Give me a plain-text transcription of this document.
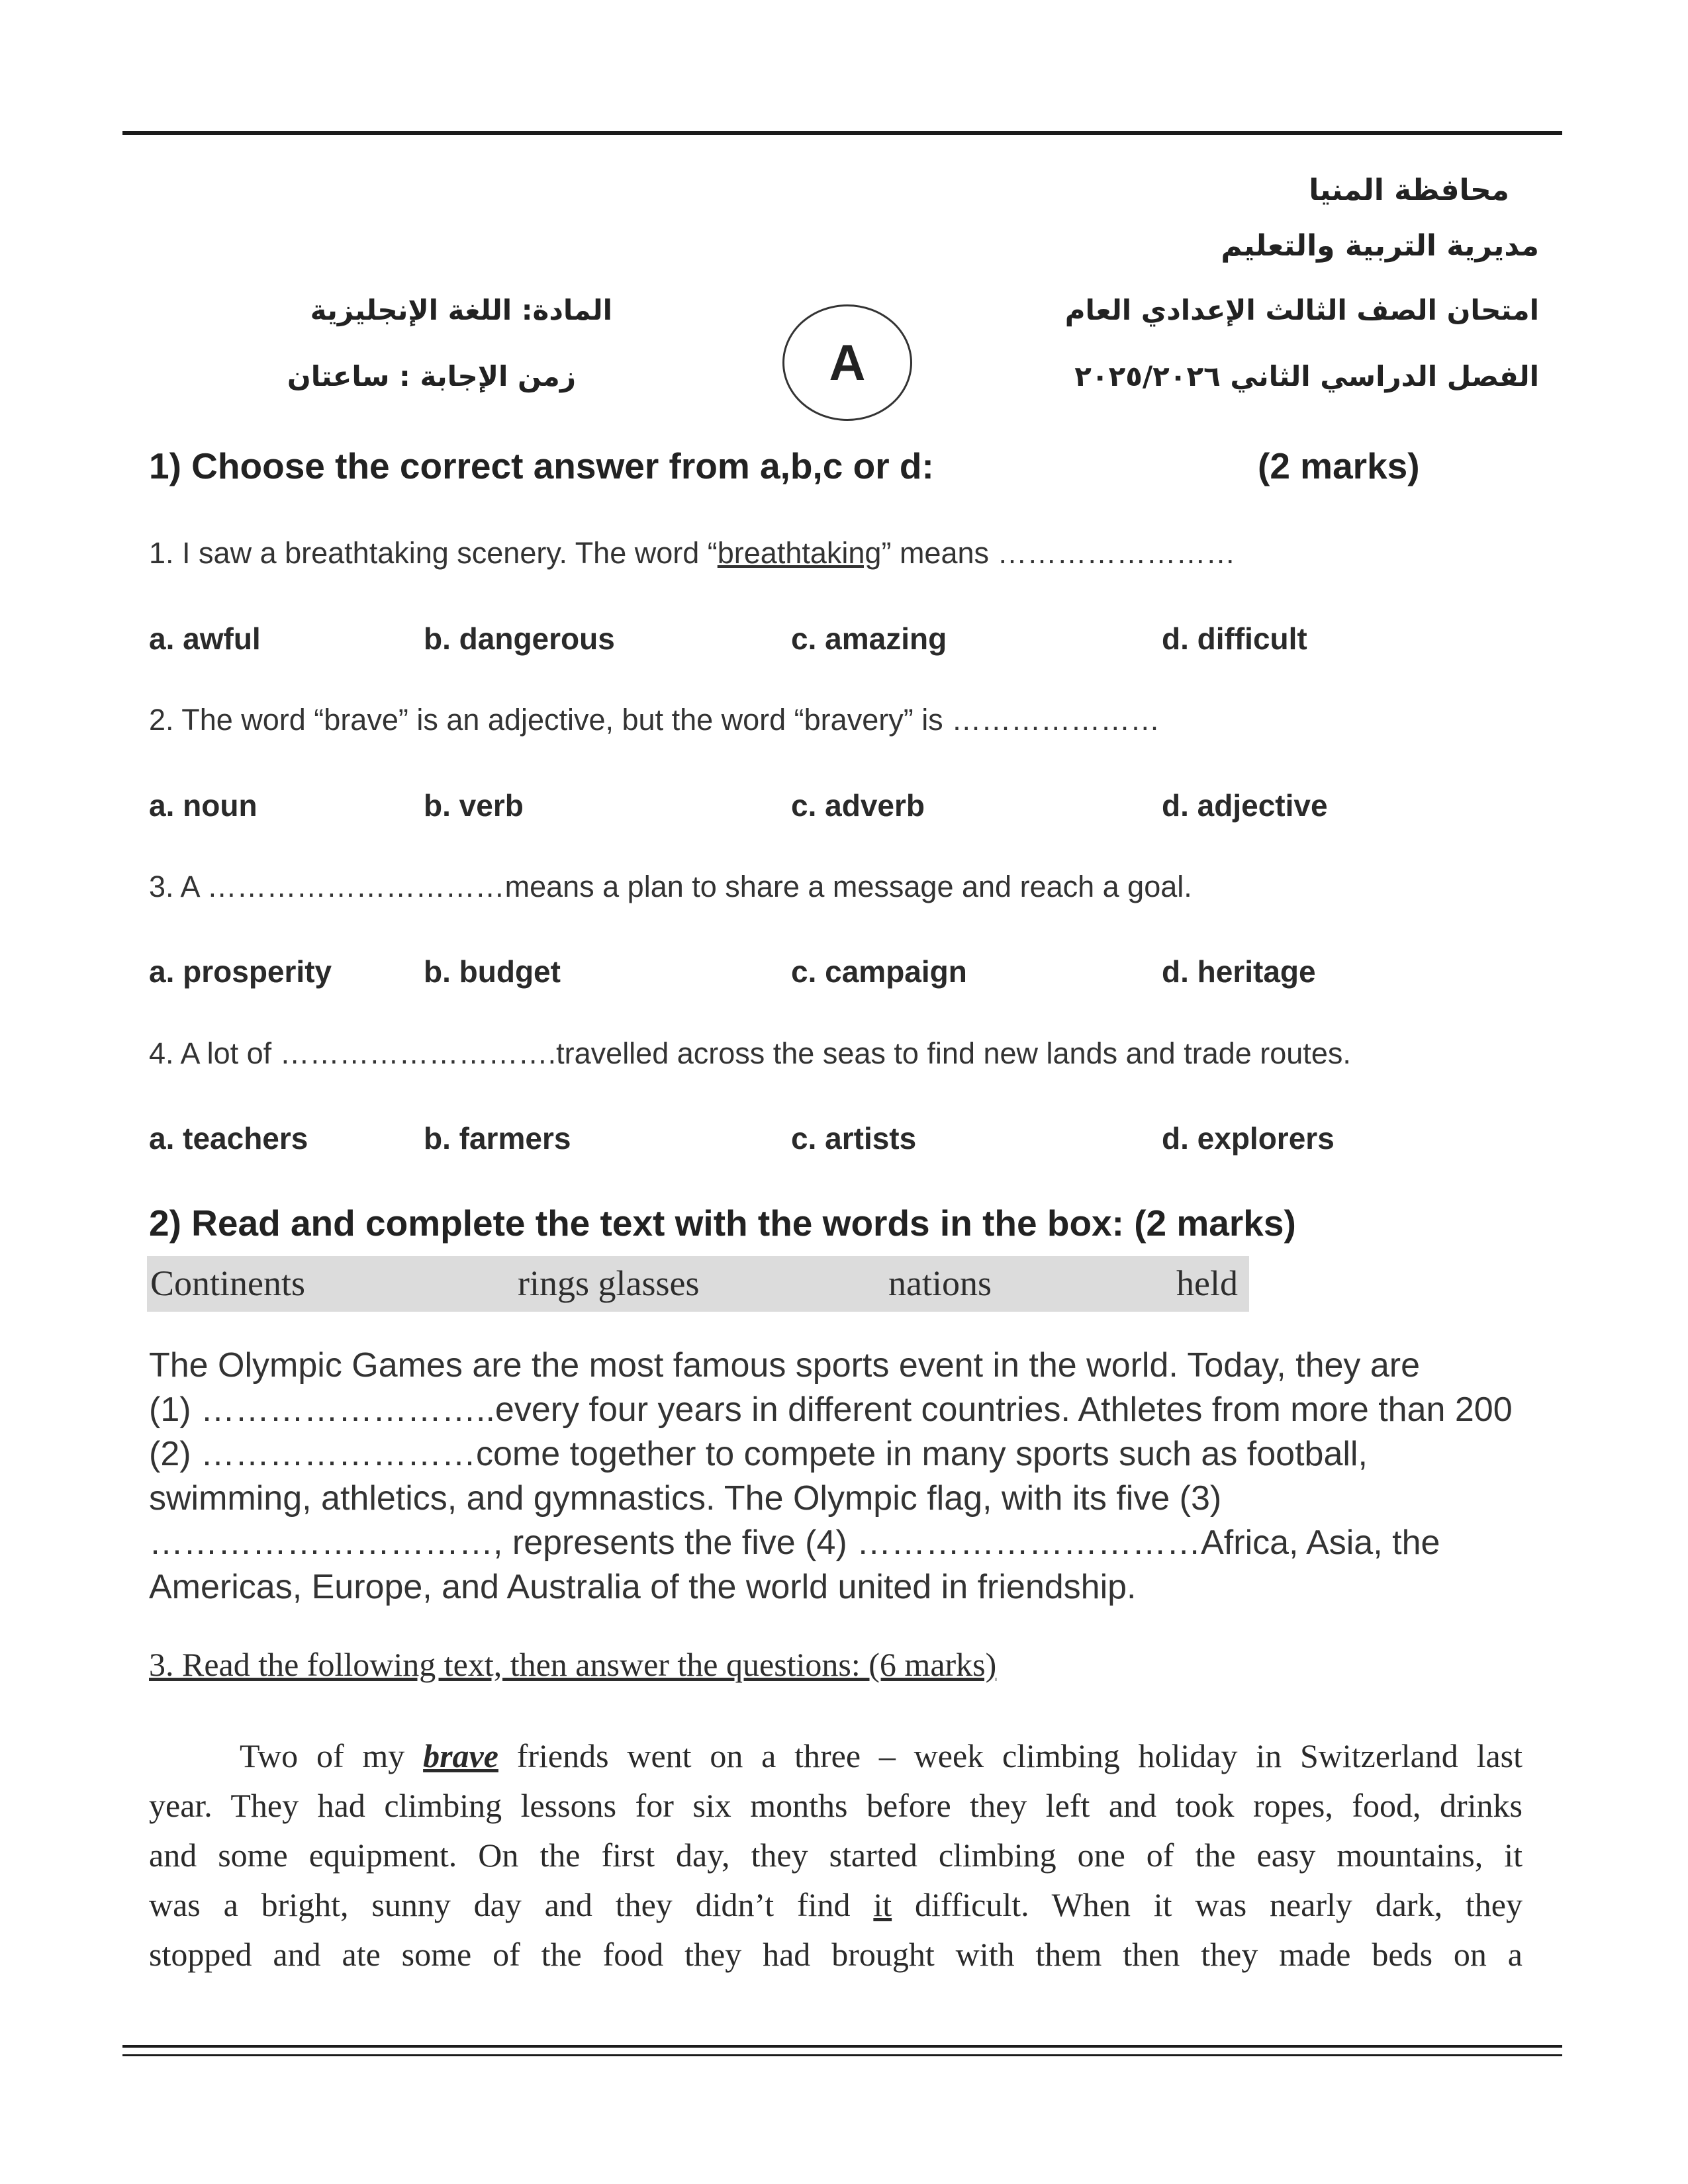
محافظة المنيا
مديرية التربية والتعليم
امتحان الصف الثالث الإعدادي العام
الفصل الدراسي الثاني ٢٠٢٥/٢٠٢٦
المادة: اللغة الإنجليزية
زمن الإجابة : ساعتان	A
1) Choose the correct answer from a,b,c or d:	(2 marks)
1. I saw a breathtaking scenery. The word “breathtaking” means ……………………
a. awful	b. dangerous	c. amazing	d. difficult
2. The word “brave” is an adjective, but the word “bravery” is …………………
a. noun	b. verb	c. adverb	d. adjective
3. A …………………………means a plan to share a message and reach a goal.
a. prosperity	b. budget	c. campaign	d. heritage
4. A lot of ……………………….travelled across the seas to find new lands and trade routes.
a. teachers	b. farmers	c. artists	d. explorers
2) Read and complete the text with the words in the box: (2 marks)
Continents	rings glasses	nations	held
The Olympic Games are the most famous sports event in the world. Today, they are
(1) ……………………..every four years in different countries. Athletes from more than 200
(2) ……………………come together to compete in many sports such as football,
swimming, athletics, and gymnastics. The Olympic flag, with its five (3)
…………………………, represents the five (4) …………………………Africa, Asia, the
Americas, Europe, and Australia of the world united in friendship.
3. Read the following text, then answer the questions: (6 marks)
Two of my brave friends went on a three – week climbing holiday in Switzerland last
year. They had climbing lessons for six months before they left and took ropes, food, drinks
and some equipment. On the first day, they started climbing one of the easy mountains, it
was a bright, sunny day and they didn’t find it difficult. When it was nearly dark, they
stopped and ate some of the food they had brought with them then they made beds on a
